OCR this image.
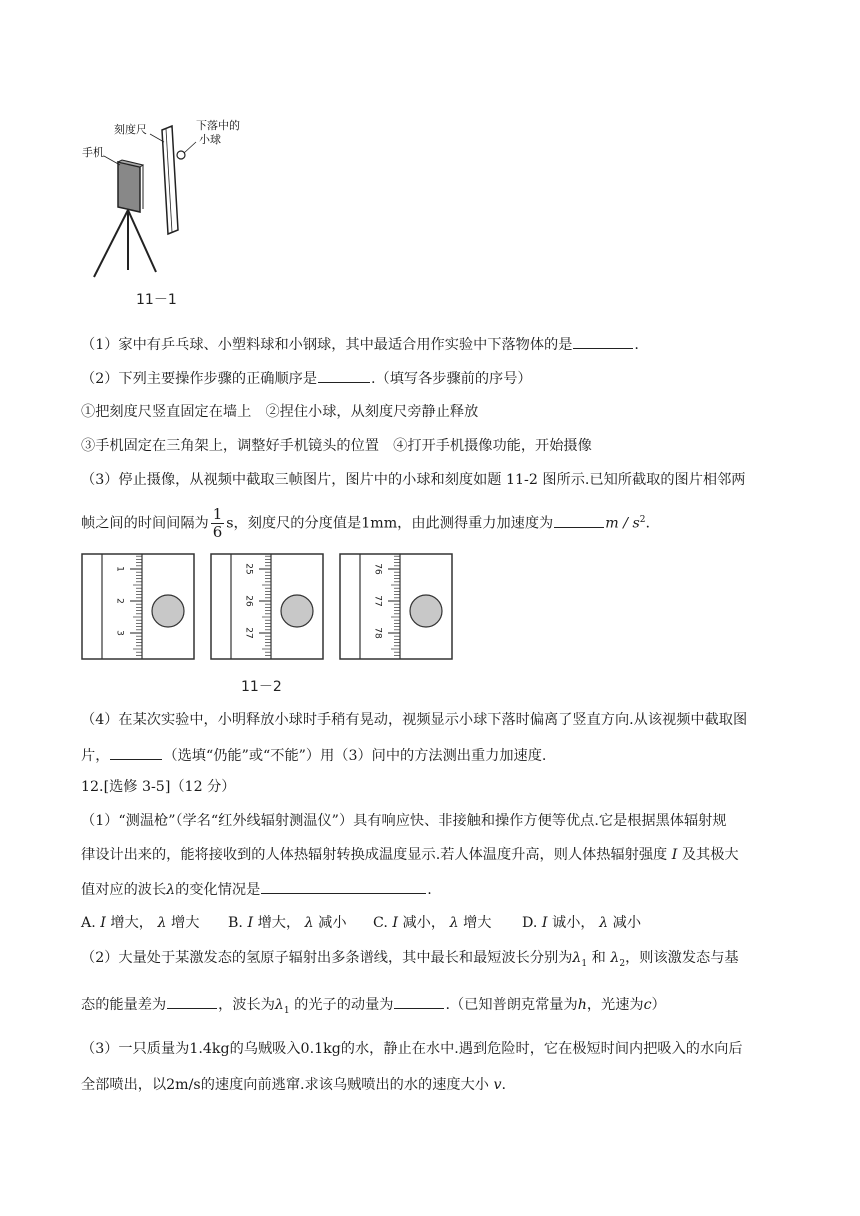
手机
刻度尺	下落中的
小球
11－1
（1）家中有乒乓球、小塑料球和小钢球，其中最适合用作实验中下落物体的是	.
（2）下列主要操作步骤的正确顺序是	.（填写各步骤前的序号）
①把刻度尺竖直固定在墙上　②捏住小球，从刻度尺旁静止释放
③手机固定在三角架上，调整好手机镜头的位置　④打开手机摄像功能，开始摄像
（3）停止摄像，从视频中截取三帧图片，图片中的小球和刻度如题 11-2 图所示.已知所截取的图片相邻两
帧之间的时间间隔为 $\frac{1}{6}$ s，刻度尺的分度值是1mm，由此测得重力加速度为	m / $s^2$.
1
2
3
25
26
27
76
77
78
11－2
（4）在某次实验中，小明释放小球时手稍有晃动，视频显示小球下落时偏离了竖直方向.从该视频中截取图
片，	（选填“仍能”或“不能”）用（3）问中的方法测出重力加速度.
12.[选修 3-5]（12 分）
（1）“测温枪”（学名“红外线辐射测温仪”）具有响应快、非接触和操作方便等优点.它是根据黑体辐射规
律设计出来的，能将接收到的人体热辐射转换成温度显示.若人体温度升高，则人体热辐射强度 I 及其极大
值对应的波长λ的变化情况是	.
A. I 增大， λ 增大 B. I 增大， λ 减小 C. I 减小， λ 增大 D. I 诚小， λ 减小
（2）大量处于某激发态的氢原子辐射出多条谱线，其中最长和最短波长分别为$\lambda_1$ 和 $\lambda_2$，则该激发态与基
态的能量差为	，波长为$\lambda_1$ 的光子的动量为	.（已知普朗克常量为h，光速为c）
（3）一只质量为1.4kg的乌贼吸入0.1kg的水，静止在水中.遇到危险时，它在极短时间内把吸入的水向后
全部喷出，以2m/s的速度向前逃窜.求该乌贼喷出的水的速度大小 v.
